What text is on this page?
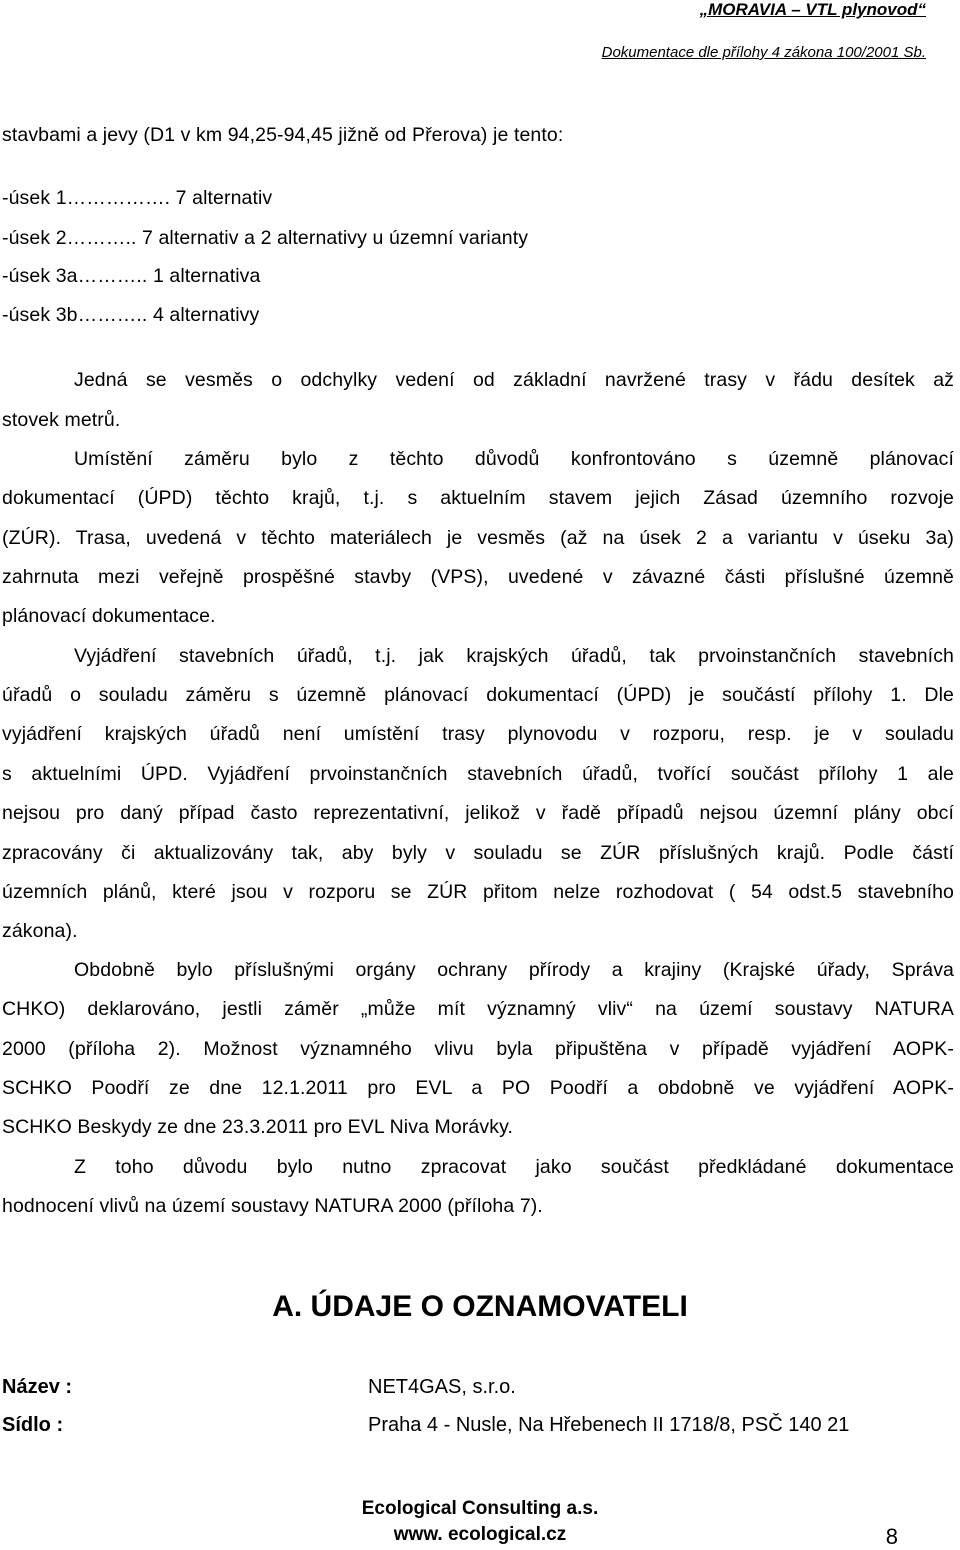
„MORAVIA – VTL plynovod“
Dokumentace dle přílohy 4 zákona 100/2001 Sb.
stavbami a jevy (D1 v km 94,25-94,45 jižně od Přerova) je tento:
-úsek 1……………. 7 alternativ
-úsek 2……….. 7 alternativ a 2 alternativy u územní varianty
-úsek 3a……….. 1 alternativa
-úsek 3b……….. 4 alternativy
Jedná se vesměs o odchylky vedení od základní navržené trasy v řádu desítek až
stovek metrů.
Umístění záměru bylo z těchto důvodů konfrontováno s územně plánovací
dokumentací (ÚPD) těchto krajů, t.j. s aktuelním stavem jejich Zásad územního rozvoje
(ZÚR). Trasa, uvedená v těchto materiálech je vesměs (až na úsek 2 a variantu v úseku 3a)
zahrnuta mezi veřejně prospěšné stavby (VPS), uvedené v závazné části příslušné územně
plánovací dokumentace.
Vyjádření stavebních úřadů, t.j. jak krajských úřadů, tak prvoinstančních stavebních
úřadů o souladu záměru s územně plánovací dokumentací (ÚPD) je součástí přílohy 1. Dle
vyjádření krajských úřadů není umístění trasy plynovodu v rozporu, resp. je v souladu
s aktuelními ÚPD. Vyjádření prvoinstančních stavebních úřadů, tvořící součást přílohy 1 ale
nejsou pro daný případ často reprezentativní, jelikož v řadě případů nejsou územní plány obcí
zpracovány či aktualizovány tak, aby byly v souladu se ZÚR příslušných krajů. Podle částí
územních plánů, které jsou v rozporu se ZÚR přitom nelze rozhodovat ( 54 odst.5 stavebního
zákona).
Obdobně bylo příslušnými orgány ochrany přírody a krajiny (Krajské úřady, Správa
CHKO) deklarováno, jestli záměr „může mít významný vliv“ na území soustavy NATURA
2000 (příloha 2). Možnost významného vlivu byla připuštěna v případě vyjádření AOPK-
SCHKO Poodří ze dne 12.1.2011 pro EVL a PO Poodří a obdobně ve vyjádření AOPK-
SCHKO Beskydy ze dne 23.3.2011 pro EVL Niva Morávky.
Z toho důvodu bylo nutno zpracovat jako součást předkládané dokumentace
hodnocení vlivů na území soustavy NATURA 2000 (příloha 7).
A. ÚDAJE O OZNAMOVATELI
Název :	NET4GAS, s.r.o.
Sídlo :	Praha 4 - Nusle, Na Hřebenech II 1718/8, PSČ 140 21
Ecological Consulting a.s.
www. ecological.cz	8
